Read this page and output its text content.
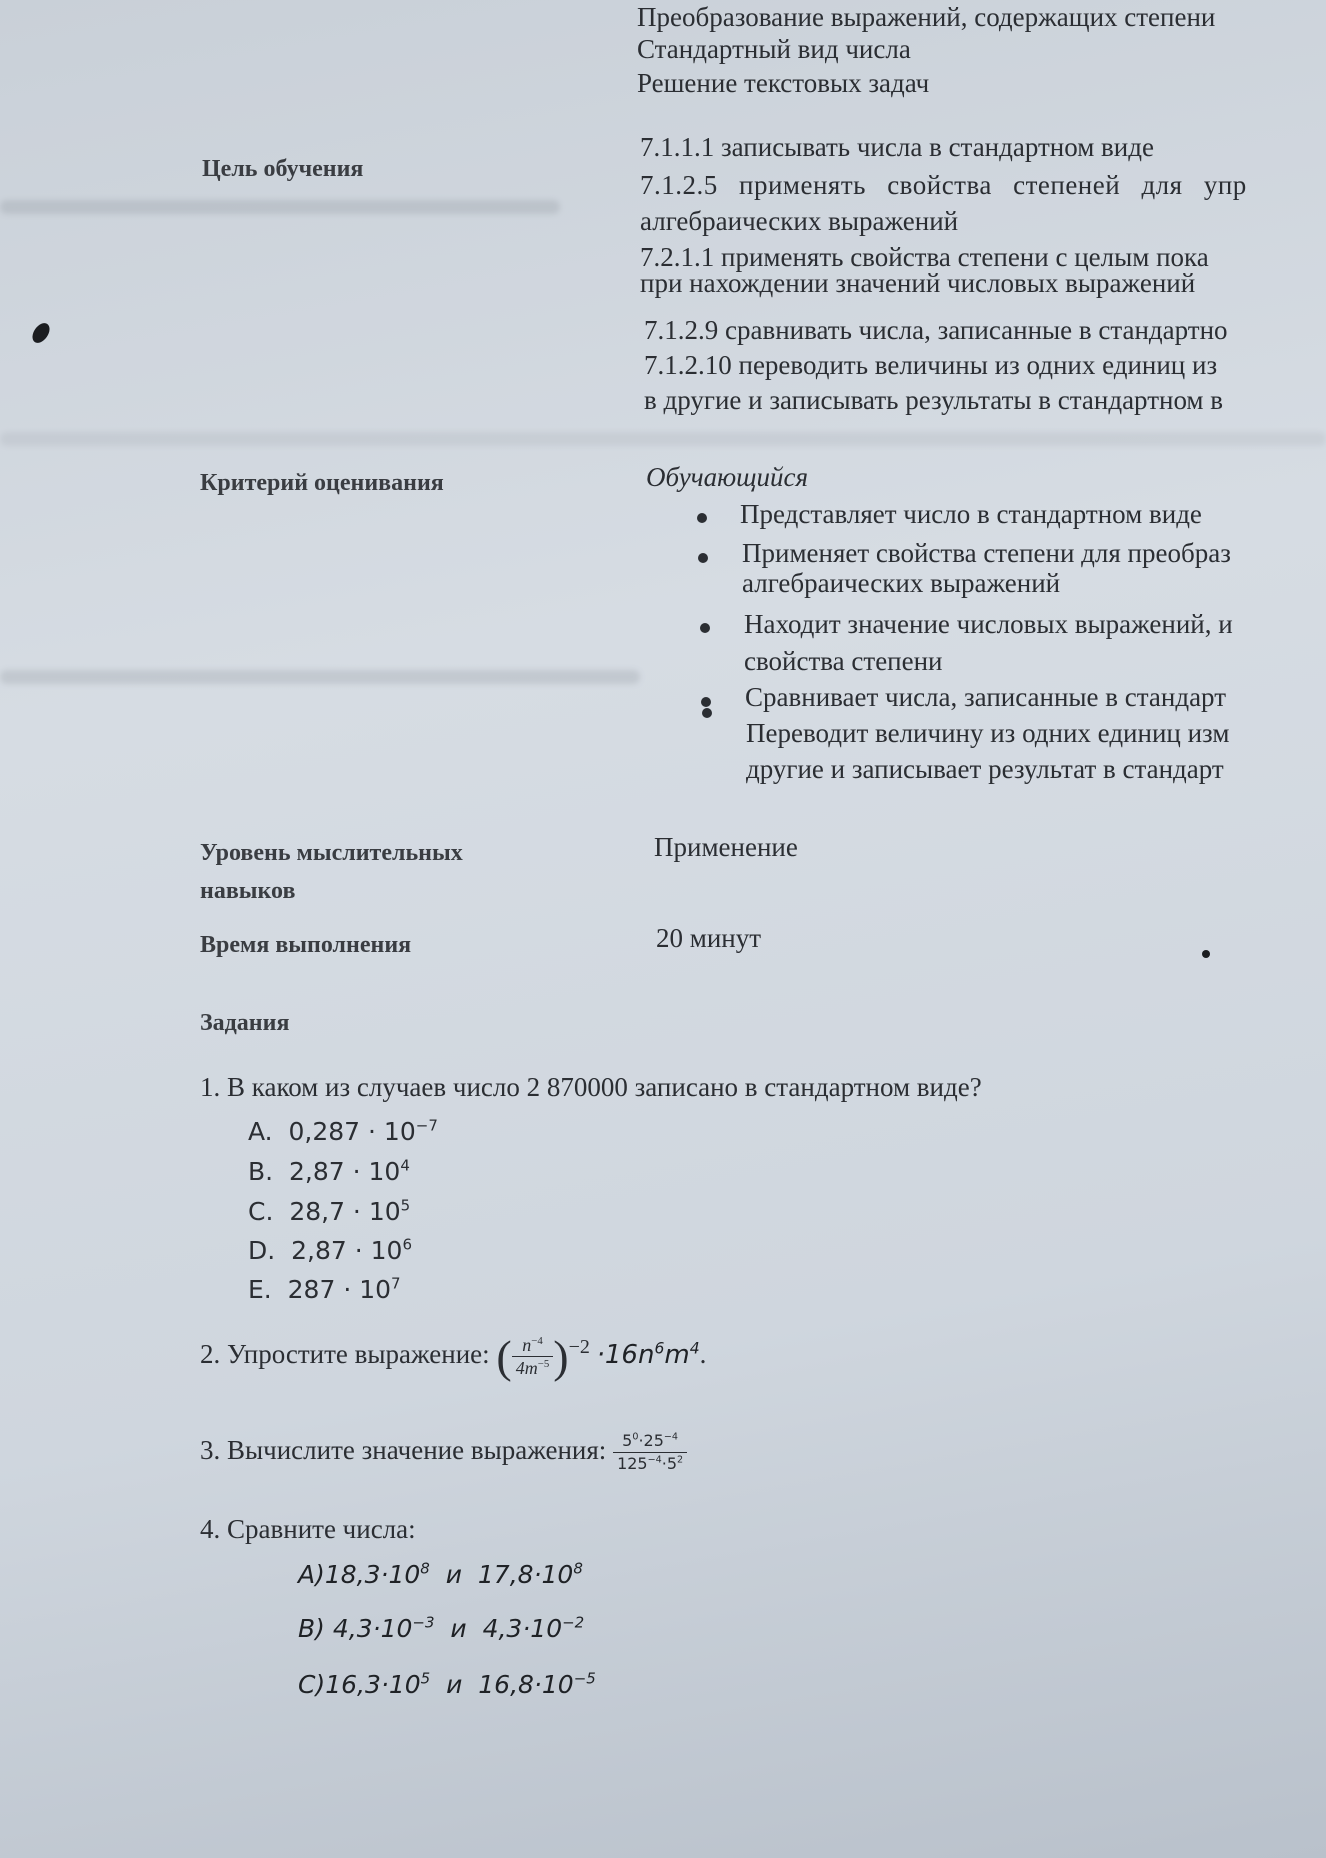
Преобразование выражений, содержащих степени
Стандартный вид числа
Решение текстовых задач
Цель обучения
7.1.1.1 записывать числа в стандартном виде
7.1.2.5 применять свойства степеней для упр
алгебраических выражений
7.2.1.1 применять свойства степени с целым пока
при нахождении значений числовых выражений
7.1.2.9 сравнивать числа, записанные в стандартно
7.1.2.10 переводить величины из одних единиц из
в другие и записывать результаты в стандартном в
Критерий оценивания	Обучающийся
Представляет число в стандартном виде
Применяет свойства степени для преобраз
алгебраических выражений
Находит значение числовых выражений, и
свойства степени
Сравнивает числа, записанные в стандарт
Переводит величину из одних единиц изм
другие и записывает результат в стандарт
Уровень мыслительных
навыков
Применение
Время выполнения	20 минут
Задания
1. В каком из случаев число 2 870000 записано в стандартном виде?
A. $0,287 \cdot 10^{-7}$
B. $2,87 \cdot 10^4$
C. $28,7 \cdot 10^5$
D. $2,87 \cdot 10^6$
E. $287 \cdot 10^7$
2. Упростите выражение: ( $\frac{n^{-4}}{4m^{-5}} )^{-2} \cdot 16n^6m^4$.
3. Вычислите значение выражения: $\frac{5^0\cdot 25^{-4}}{125^{-4}\cdot 5^2}$
4. Сравните числа:
$A)18,3\cdot 10^8$ и $17,8\cdot 10^8$
B) $4,3\cdot 10^{-3}$ и $4,3\cdot 10^{-2}$
$C)16,3\cdot 10^5$ и $16,8\cdot 10^{-5}$
